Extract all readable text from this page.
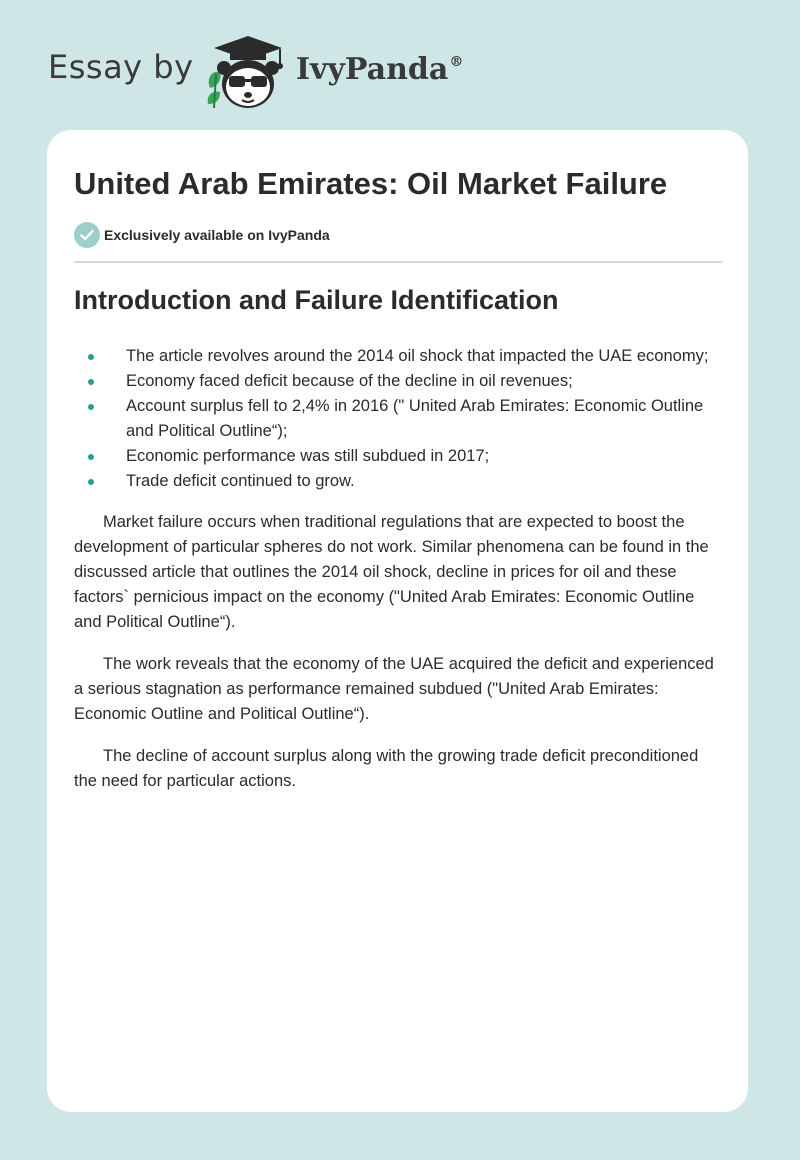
Essay by	IvyPanda®
United Arab Emirates: Oil Market Failure
Exclusively available on IvyPanda
Introduction and Failure Identification
The article revolves around the 2014 oil shock that impacted the UAE economy;
Economy faced deficit because of the decline in oil revenues;
Account surplus fell to 2,4% in 2016 (" United Arab Emirates: Economic Outline and Political Outline“);
Economic performance was still subdued in 2017;
Trade deficit continued to grow.

Market failure occurs when traditional regulations that are expected to boost the development of particular spheres do not work. Similar phenomena can be found in the discussed article that outlines the 2014 oil shock, decline in prices for oil and these factors` pernicious impact on the economy ("United Arab Emirates: Economic Outline and Political Outline“).

The work reveals that the economy of the UAE acquired the deficit and experienced a serious stagnation as performance remained subdued ("United Arab Emirates: Economic Outline and Political Outline“).

The decline of account surplus along with the growing trade deficit preconditioned the need for particular actions.
